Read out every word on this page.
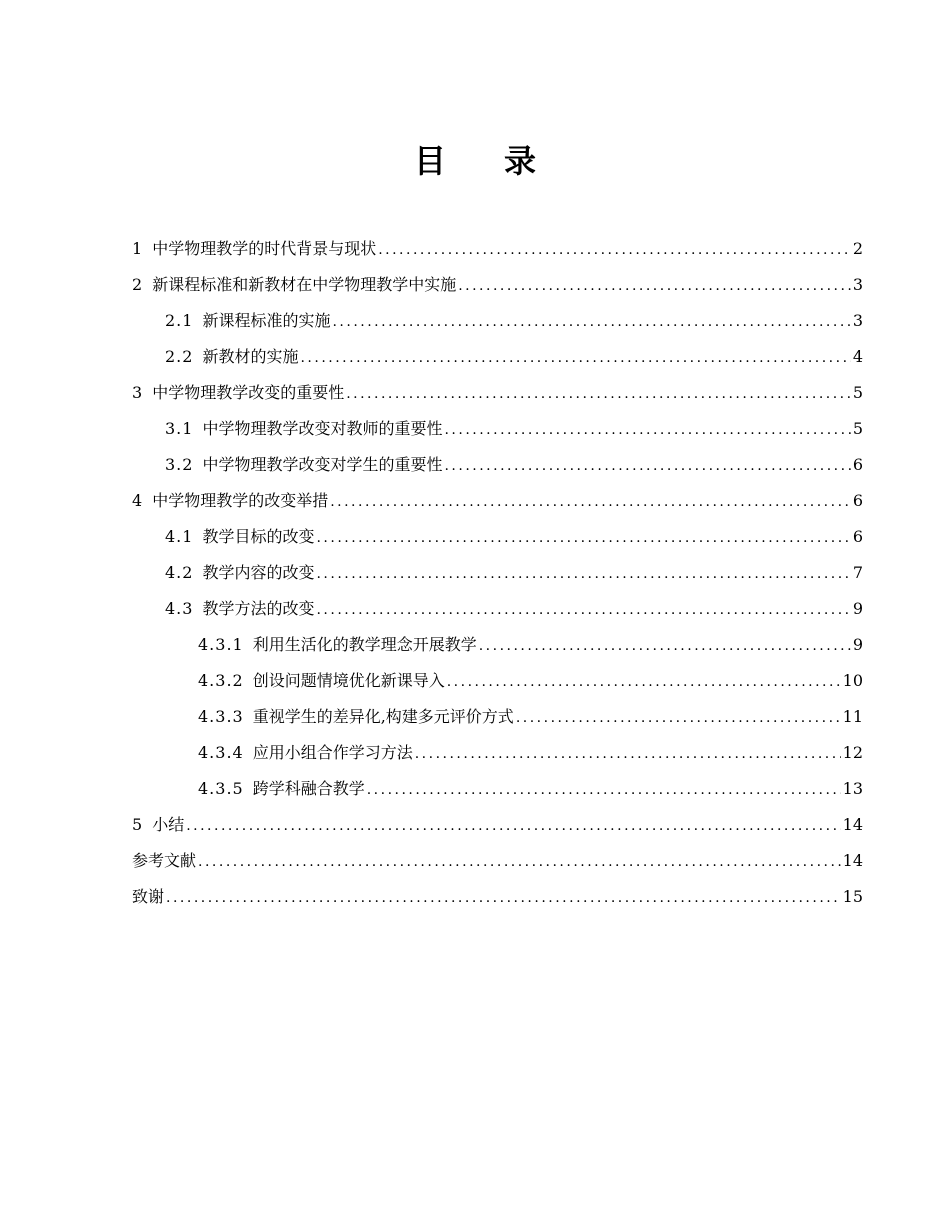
目 录
1 中学物理教学的时代背景与现状 .....	2
2 新课程标准和新教材在中学物理教学中实施 .....	3
2.1 新课程标准的实施 .....	3
2.2 新教材的实施 .....	4
3 中学物理教学改变的重要性 .....	5
3.1 中学物理教学改变对教师的重要性 .....	5
3.2 中学物理教学改变对学生的重要性 .....	6
4 中学物理教学的改变举措 .....	6
4.1 教学目标的改变 .....	6
4.2 教学内容的改变 .....	7
4.3 教学方法的改变 .....	9
4.3.1 利用生活化的教学理念开展教学 .....	9
4.3.2 创设问题情境优化新课导入 .....	10
4.3.3 重视学生的差异化,构建多元评价方式 .....	11
4.3.4 应用小组合作学习方法 .....	12
4.3.5 跨学科融合教学 .....	13
5 小结 .....	14
参考文献 .....	14
致谢 .....	15
